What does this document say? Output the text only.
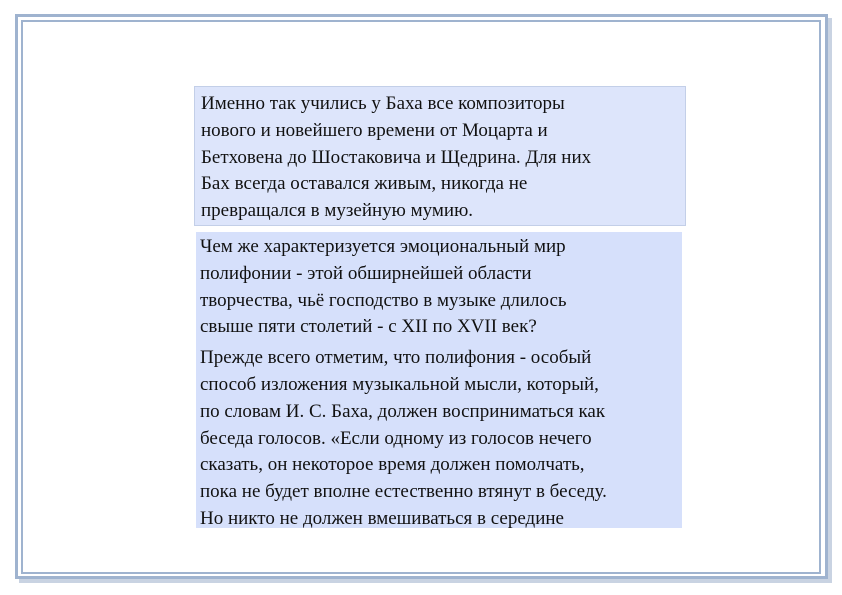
Именно так учились у Баха все композиторы
нового и новейшего времени от Моцарта и
Бетховена до Шостаковича и Щедрина. Для них
Бах всегда оставался живым, никогда не
превращался в музейную мумию.

Чем же характеризуется эмоциональный мир
полифонии - этой обширнейшей области
творчества, чьё господство в музыке длилось
свыше пяти столетий - с XII по XVII век?

Прежде всего отметим, что полифония - особый
способ изложения музыкальной мысли, который,
по словам И. С. Баха, должен восприниматься как
беседа голосов. «Если одному из голосов нечего
сказать, он некоторое время должен помолчать,
пока не будет вполне естественно втянут в беседу.
Но никто не должен вмешиваться в середине
